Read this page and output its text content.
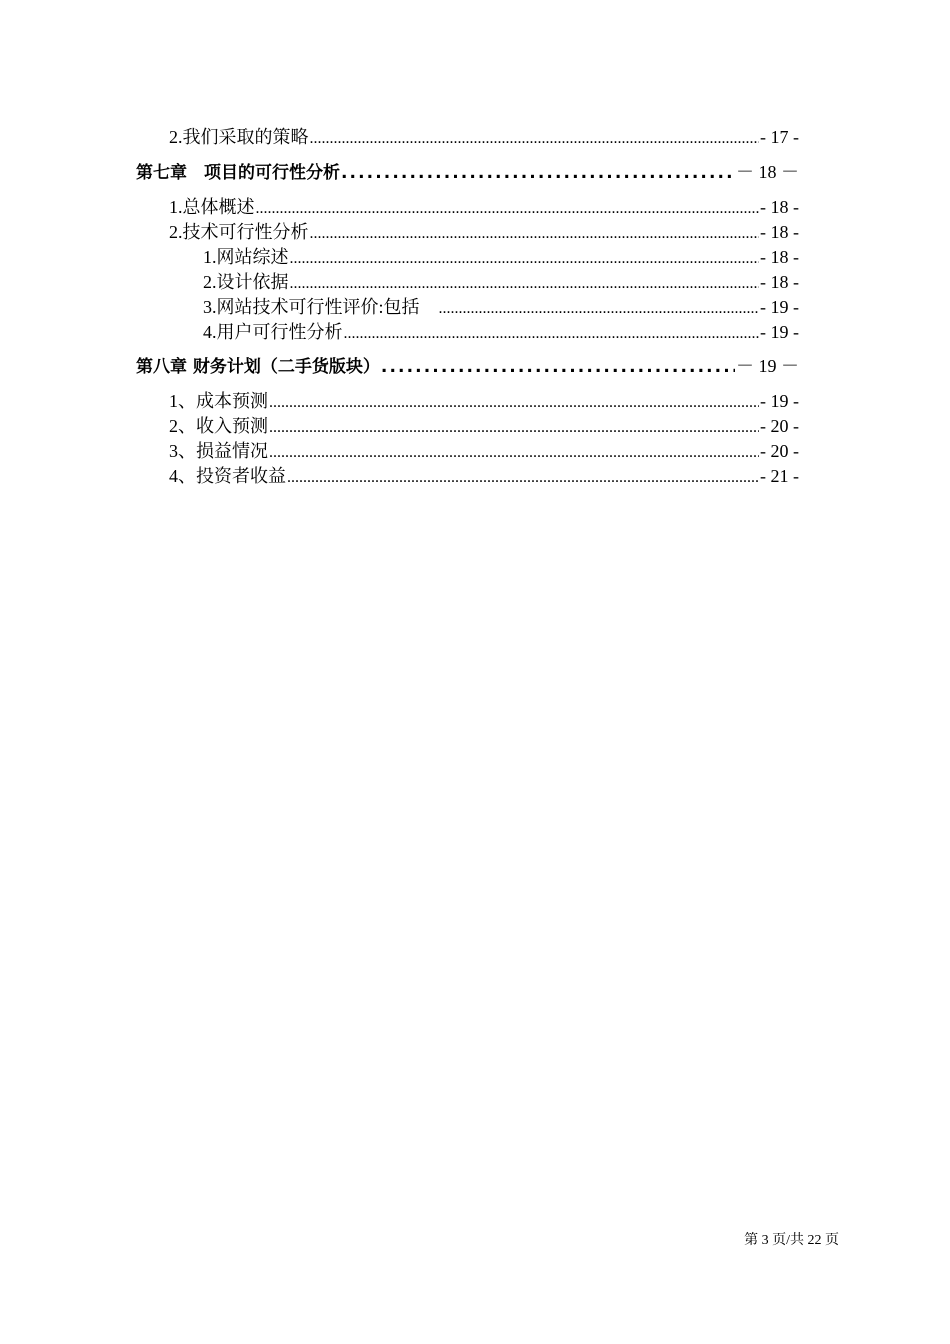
2.我们采取的策略 .....	- 17 -
第七章　项目的可行性分析 .....	－ 18 －
1.总体概述 .....	- 18 -
2.技术可行性分析 .....	- 18 -
1.网站综述 .....	- 18 -
2.设计依据 .....	- 18 -
3.网站技术可行性评价:包括 .....	- 19 -
4.用户可行性分析 .....	- 19 -
第八章 财务计划（二手货版块） .....	－ 19 －
1、成本预测 .....	- 19 -
2、收入预测 .....	- 20 -
3、损益情况 .....	- 20 -
4、投资者收益 .....	- 21 -
第 3 页/共 22 页
